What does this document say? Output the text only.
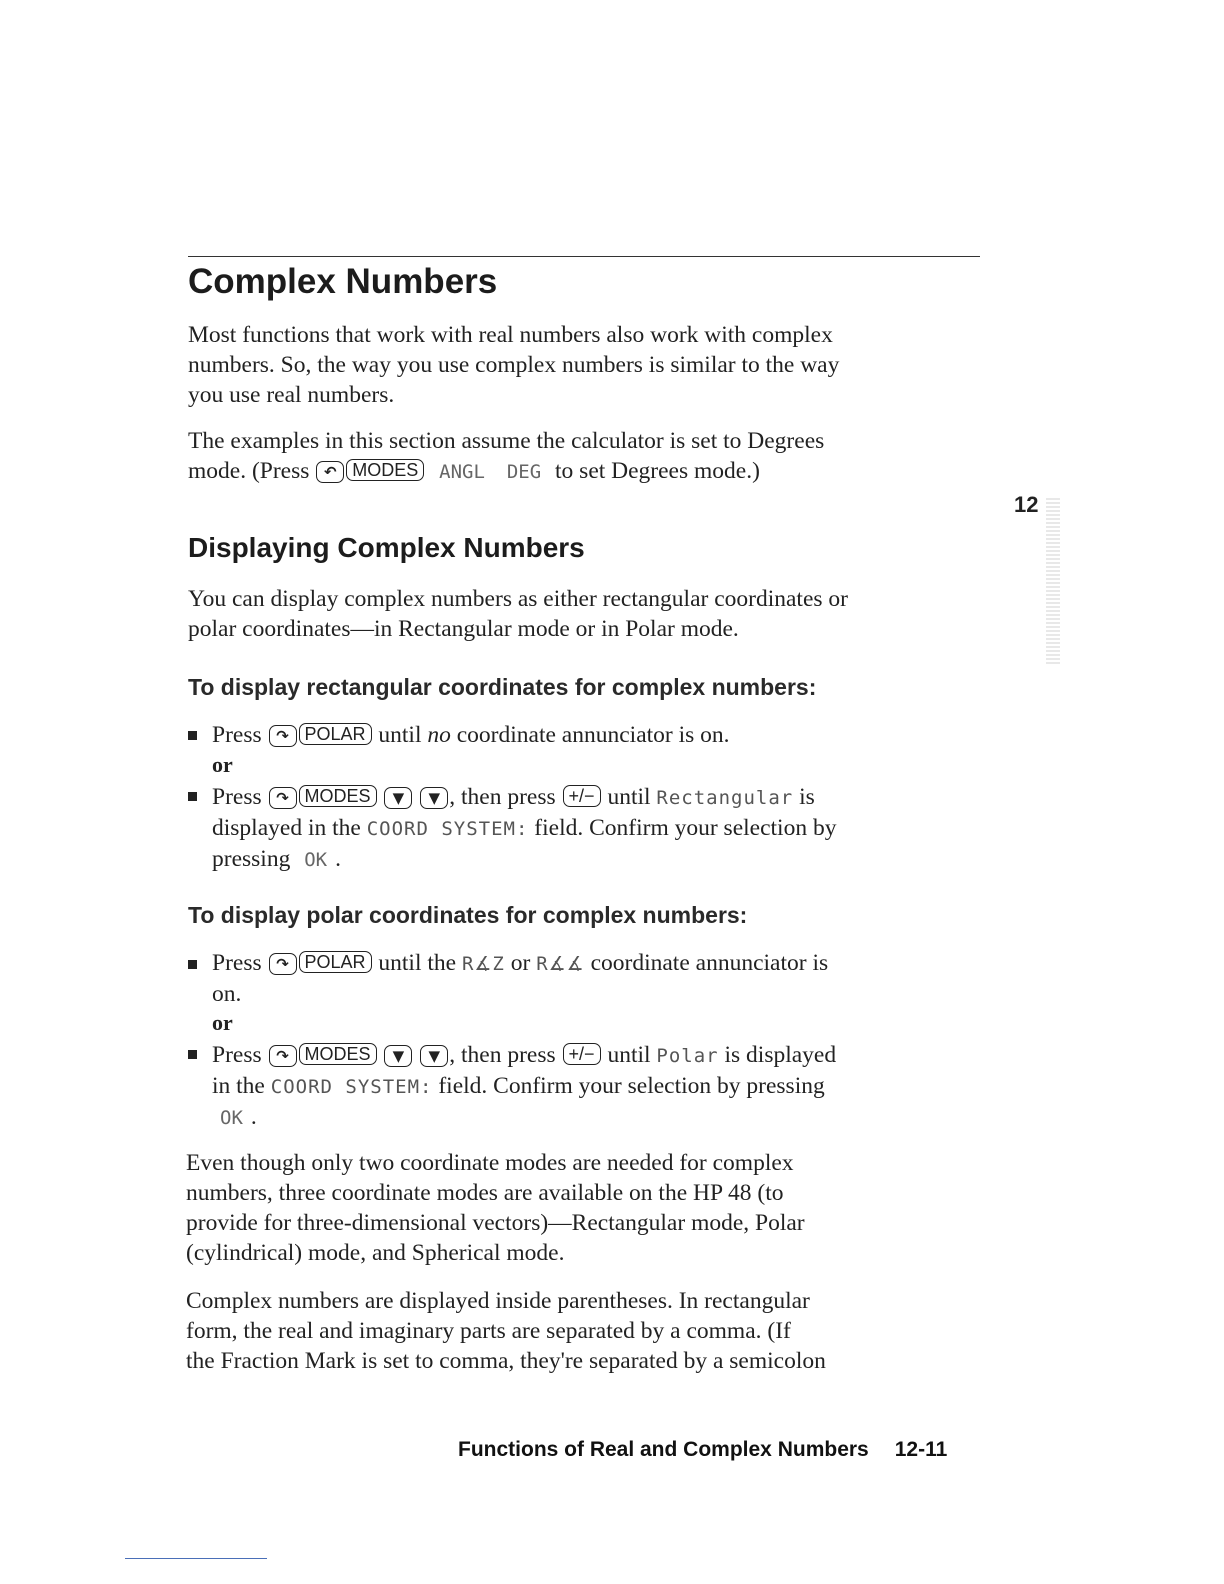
Complex Numbers

Most functions that work with real numbers also work with complex
numbers. So, the way you use complex numbers is similar to the way
you use real numbers.

The examples in this section assume the calculator is set to Degrees
mode. (Press ↶ MODES ANGL DEG to set Degrees mode.)

12
Displaying Complex Numbers

You can display complex numbers as either rectangular coordinates or
polar coordinates—in Rectangular mode or in Polar mode.

To display rectangular coordinates for complex numbers:

Press ↷ POLAR until no coordinate annunciator is on.

or

Press ↷ MODES ▼ ▼ , then press +/− until Rectangular is
displayed in the COORD SYSTEM: field. Confirm your selection by
pressing OK .

To display polar coordinates for complex numbers:

Press ↷ POLAR until the R∡Z or R∡∡ coordinate annunciator is
on.

or

Press ↷ MODES ▼ ▼ , then press +/− until Polar is displayed
in the COORD SYSTEM: field. Confirm your selection by pressing
OK .

Even though only two coordinate modes are needed for complex
numbers, three coordinate modes are available on the HP 48 (to
provide for three-dimensional vectors)—Rectangular mode, Polar
(cylindrical) mode, and Spherical mode.

Complex numbers are displayed inside parentheses. In rectangular
form, the real and imaginary parts are separated by a comma. (If
the Fraction Mark is set to comma, they're separated by a semicolon

Functions of Real and Complex Numbers 12-11
